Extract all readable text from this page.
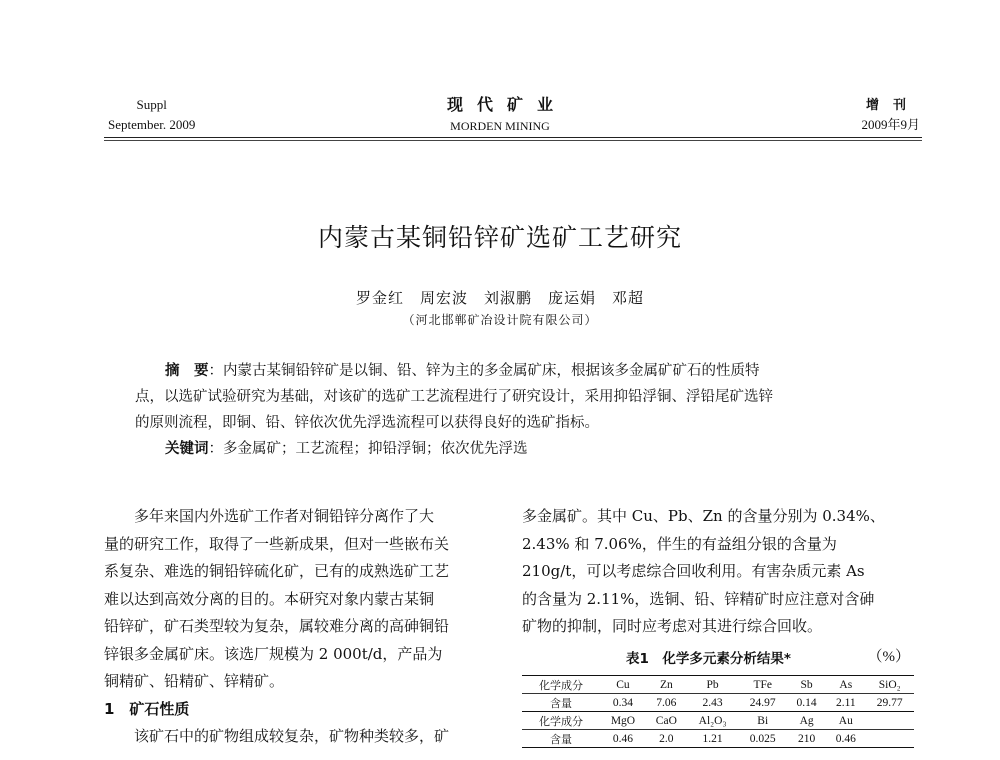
Suppl
September. 2009
现代矿业
MORDEN MINING
增刊
2009年9月
内蒙古某铜铅锌矿选矿工艺研究
罗金红　周宏波　刘淑鹏　庞运娟　邓超
（河北邯郸矿冶设计院有限公司）

摘　要：内蒙古某铜铅锌矿是以铜、铅、锌为主的多金属矿床，根据该多金属矿矿石的性质特

点，以选矿试验研究为基础，对该矿的选矿工艺流程进行了研究设计，采用抑铅浮铜、浮铅尾矿选锌

的原则流程，即铜、铅、锌依次优先浮选流程可以获得良好的选矿指标。

关键词：多金属矿；工艺流程；抑铅浮铜；依次优先浮选

多年来国内外选矿工作者对铜铅锌分离作了大

量的研究工作，取得了一些新成果，但对一些嵌布关

系复杂、难选的铜铅锌硫化矿，已有的成熟选矿工艺

难以达到高效分离的目的。本研究对象内蒙古某铜

铅锌矿，矿石类型较为复杂，属较难分离的高砷铜铅

锌银多金属矿床。该选厂规模为 2 000t/d，产品为

铜精矿、铅精矿、锌精矿。

1　矿石性质

该矿石中的矿物组成较复杂，矿物种类较多，矿

多金属矿。其中 Cu、Pb、Zn 的含量分别为 0.34%、

2.43% 和 7.06%，伴生的有益组分银的含量为

210g/t，可以考虑综合回收利用。有害杂质元素 As

的含量为 2.11%，选铜、铅、锌精矿时应注意对含砷

矿物的抑制，同时应考虑对其进行综合回收。

表1　化学多元素分析结果*	（%）
化学成分	Cu	Zn	Pb	TFe	Sb	As	SiO₂
含量	0.34	7.06	2.43	24.97	0.14	2.11	29.77
化学成分	MgO	CaO	Al₂O₃	Bi	Ag	Au	
含量	0.46	2.0	1.21	0.025	210	0.46	
